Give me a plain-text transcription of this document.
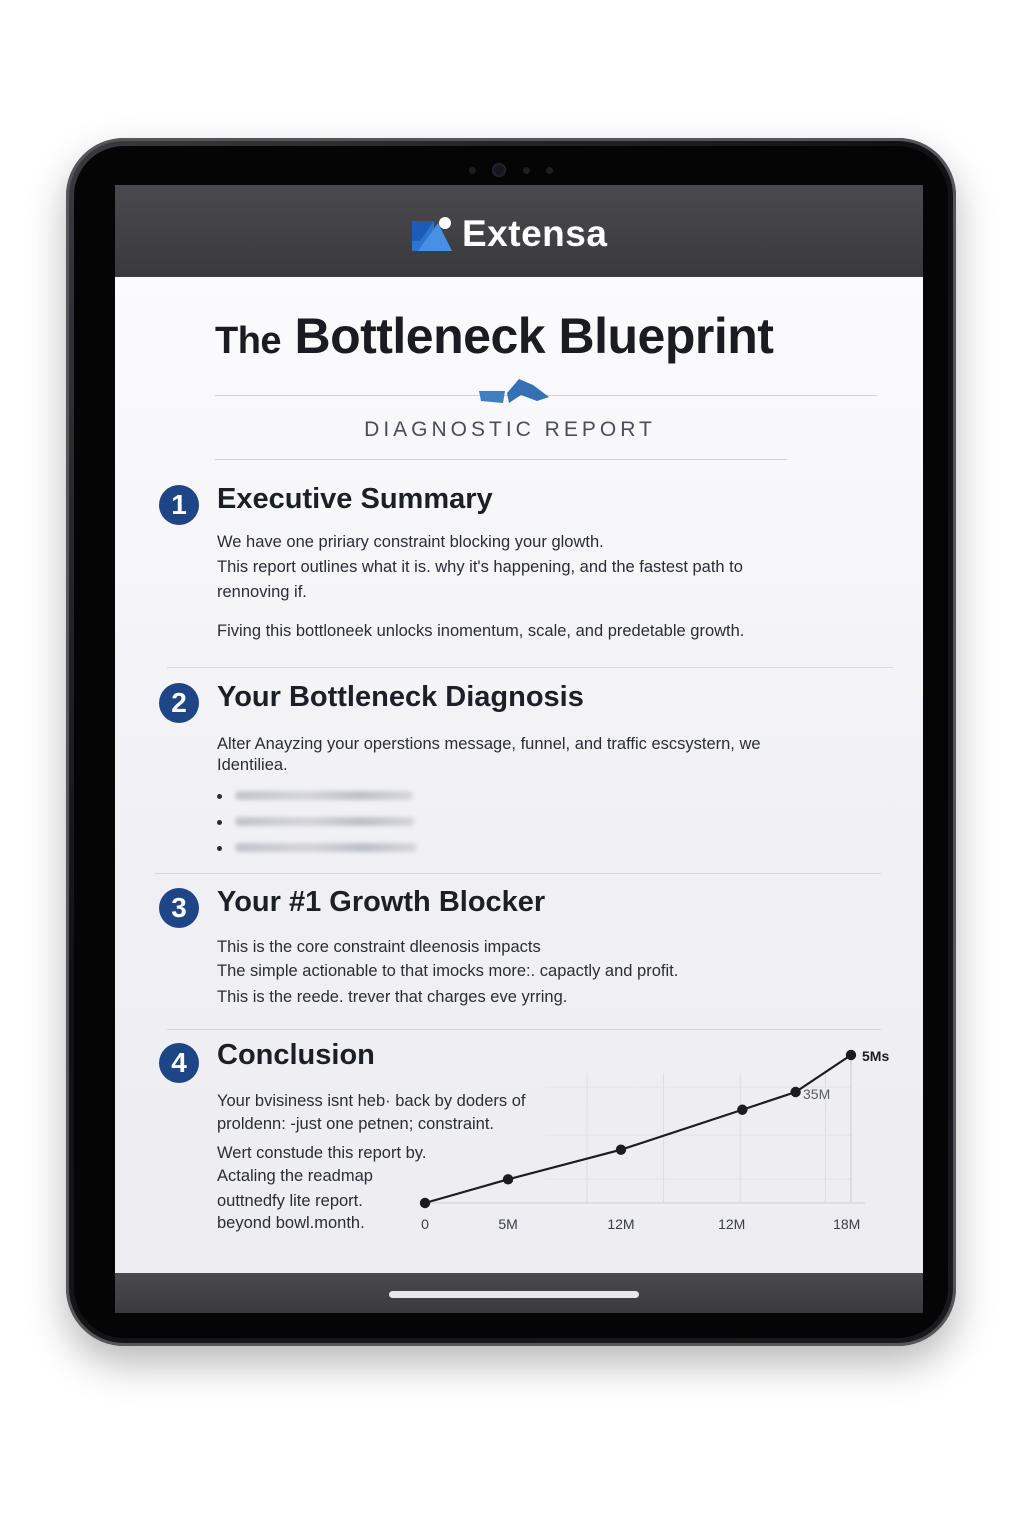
Extensa
The Bottleneck Blueprint
DIAGNOSTIC REPORT
1	Executive Summary
We have one pririary constraint blocking your glowth.
This report outlines what it is. why it's happening, and the fastest path to
rennoving if.
Fiving this bottloneek unlocks inomentum, scale, and predetable growth.
2	Your Bottleneck Diagnosis
Alter Anayzing your operstions message, funnel, and traffic escsystern, we
Identiliea.
3	Your #1 Growth Blocker
This is the core constraint dleenosis impacts
The simple actionable to that imocks more:. capactly and profit.
This is the reede. trever that charges eve yrring.
4	Conclusion
Your bvisiness isnt heb· back by doders of
proldenn: -just one petnen; constraint.
Wert constude this report by.
Actaling the readmap
outtnedfy lite report.
beyond bowl.month.	0	5M	12M	12M	18M
35M
5Ms
